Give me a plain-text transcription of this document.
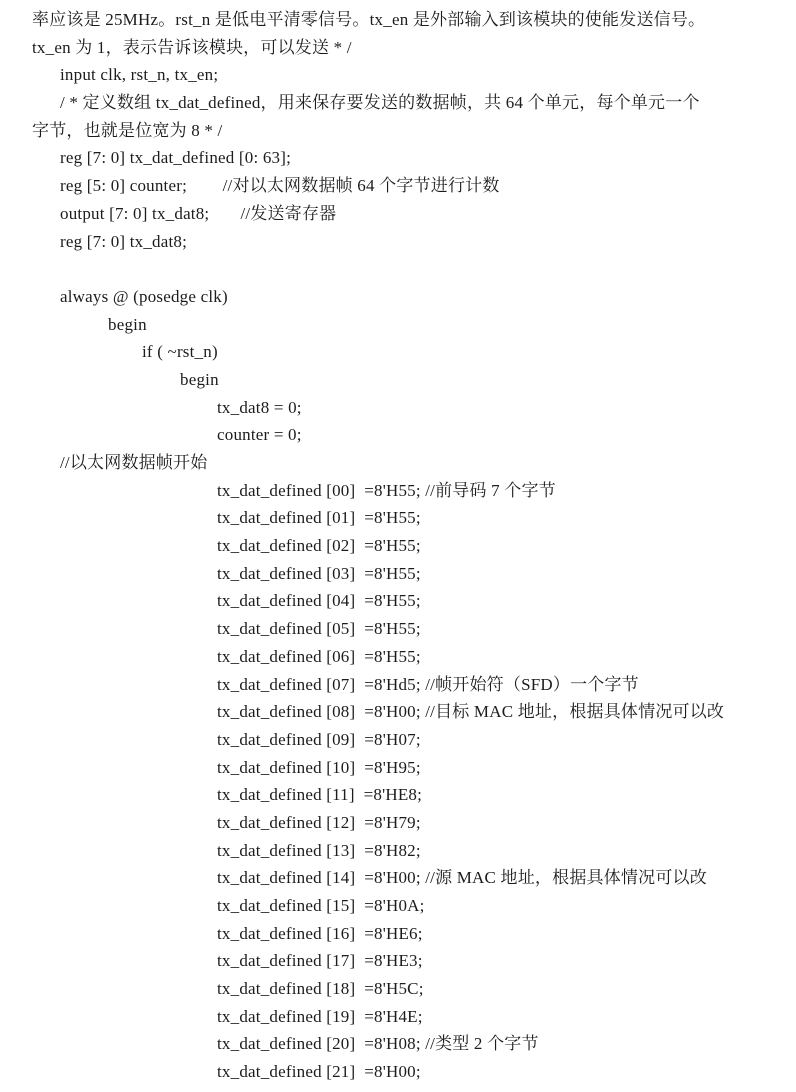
率应该是 25MHz。rst_n 是低电平清零信号。tx_en 是外部输入到该模块的使能发送信号。
tx_en 为 1，表示告诉该模块，可以发送 * /
input clk, rst_n, tx_en;
/ * 定义数组 tx_dat_defined，用来保存要发送的数据帧，共 64 个单元，每个单元一个
字节，也就是位宽为 8 * /
reg [7: 0] tx_dat_defined [0: 63];
reg [5: 0] counter;        //对以太网数据帧 64 个字节进行计数
output [7: 0] tx_dat8;       //发送寄存器
reg [7: 0] tx_dat8;

always @ (posedge clk)
begin
if ( ~rst_n)
begin
tx_dat8 = 0;
counter = 0;
//以太网数据帧开始
tx_dat_defined [00]  =8'H55; //前导码 7 个字节
tx_dat_defined [01]  =8'H55;
tx_dat_defined [02]  =8'H55;
tx_dat_defined [03]  =8'H55;
tx_dat_defined [04]  =8'H55;
tx_dat_defined [05]  =8'H55;
tx_dat_defined [06]  =8'H55;
tx_dat_defined [07]  =8'Hd5; //帧开始符（SFD）一个字节
tx_dat_defined [08]  =8'H00; //目标 MAC 地址，根据具体情况可以改
tx_dat_defined [09]  =8'H07;
tx_dat_defined [10]  =8'H95;
tx_dat_defined [11]  =8'HE8;
tx_dat_defined [12]  =8'H79;
tx_dat_defined [13]  =8'H82;
tx_dat_defined [14]  =8'H00; //源 MAC 地址，根据具体情况可以改
tx_dat_defined [15]  =8'H0A;
tx_dat_defined [16]  =8'HE6;
tx_dat_defined [17]  =8'HE3;
tx_dat_defined [18]  =8'H5C;
tx_dat_defined [19]  =8'H4E;
tx_dat_defined [20]  =8'H08; //类型 2 个字节
tx_dat_defined [21]  =8'H00;
